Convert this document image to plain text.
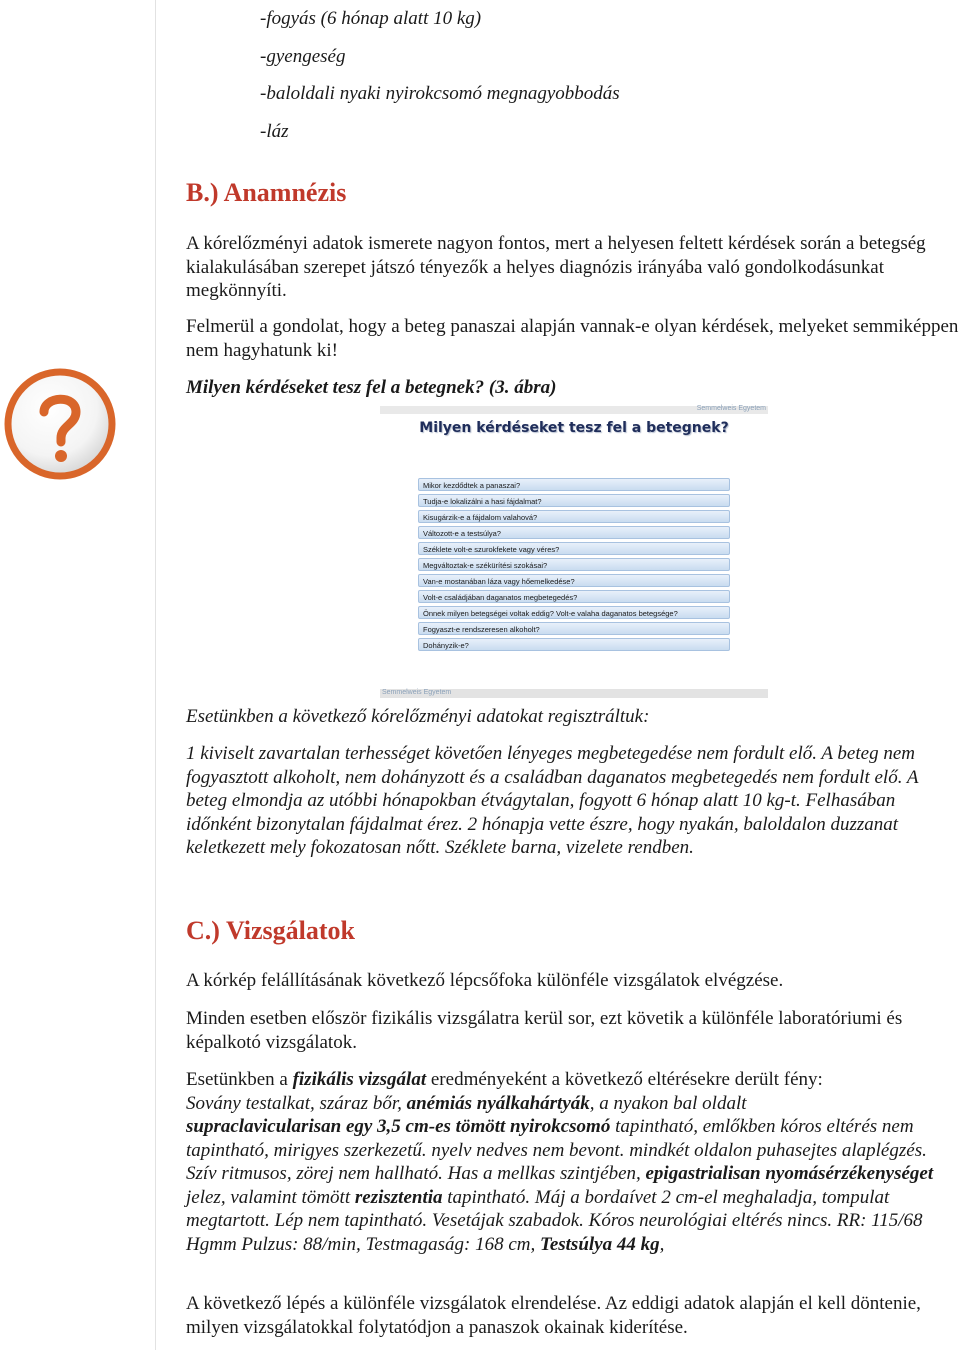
-fogyás (6 hónap alatt 10 kg)

-gyengeség

-baloldali nyaki nyirokcsomó megnagyobbodás

-láz

B.) Anamnézis

A kórelőzményi adatok ismerete nagyon fontos, mert a helyesen feltett kérdések során a betegség kialakulásában szerepet játszó tényezők a helyes diagnózis irányába való gondolkodásunkat megkönnyíti.

Felmerül a gondolat, hogy a beteg panaszai alapján vannak-e olyan kérdések, melyeket semmiképpen nem hagyhatunk ki!

Milyen kérdéseket tesz fel a betegnek? (3. ábra)

Semmelweis Egyetem
Milyen kérdéseket tesz fel a betegnek?
Mikor kezdődtek a panaszai?
Tudja-e lokalizálni a hasi fájdalmat?
Kisugárzik-e a fájdalom valahová?
Változott-e a testsúlya?
Széklete volt-e szurokfekete vagy véres?
Megváltoztak-e székürítési szokásai?
Van-e mostanában láza vagy hőemelkedése?
Volt-e családjában daganatos megbetegedés?
Önnek milyen betegségei voltak eddig? Volt-e valaha daganatos betegsége?
Fogyaszt-e rendszeresen alkoholt?
Dohányzik-e?
Semmelweis Egyetem

Esetünkben a következő kórelőzményi adatokat regisztráltuk:

1 kiviselt zavartalan terhességet követően lényeges megbetegedése nem fordult elő. A beteg nem fogyasztott alkoholt, nem dohányzott és a családban daganatos megbetegedés nem fordult elő. A beteg elmondja az utóbbi hónapokban étvágytalan, fogyott 6 hónap alatt 10 kg-t. Felhasában időnként bizonytalan fájdalmat érez. 2 hónapja vette észre, hogy nyakán, baloldalon duzzanat keletkezett mely fokozatosan nőtt. Széklete barna, vizelete rendben.

C.) Vizsgálatok

A kórkép felállításának következő lépcsőfoka különféle vizsgálatok elvégzése.

Minden esetben először fizikális vizsgálatra kerül sor, ezt követik a különféle laboratóriumi és képalkotó vizsgálatok.

Esetünkben a fizikális vizsgálat eredményeként a következő eltérésekre derült fény:
Sovány testalkat, száraz bőr, anémiás nyálkahártyák, a nyakon bal oldalt
supraclavicularisan egy 3,5 cm-es tömött nyirokcsomó tapintható, emlőkben kóros eltérés nem tapintható, mirigyes szerkezetű. nyelv nedves nem bevont. mindkét oldalon puhasejtes alaplégzés. Szív ritmusos, zörej nem hallható. Has a mellkas szintjében, epigastrialisan nyomásérzékenységet jelez, valamint tömött rezisztentia tapintható. Máj a bordaívet 2 cm-el meghaladja, tompulat megtartott. Lép nem tapintható. Vesetájak szabadok. Kóros neurológiai eltérés nincs. RR: 115/68 Hgmm Pulzus: 88/min, Testmagaság: 168 cm, Testsúlya 44 kg,

A következő lépés a különféle vizsgálatok elrendelése. Az eddigi adatok alapján el kell döntenie, milyen vizsgálatokkal folytatódjon a panaszok okainak kiderítése.
